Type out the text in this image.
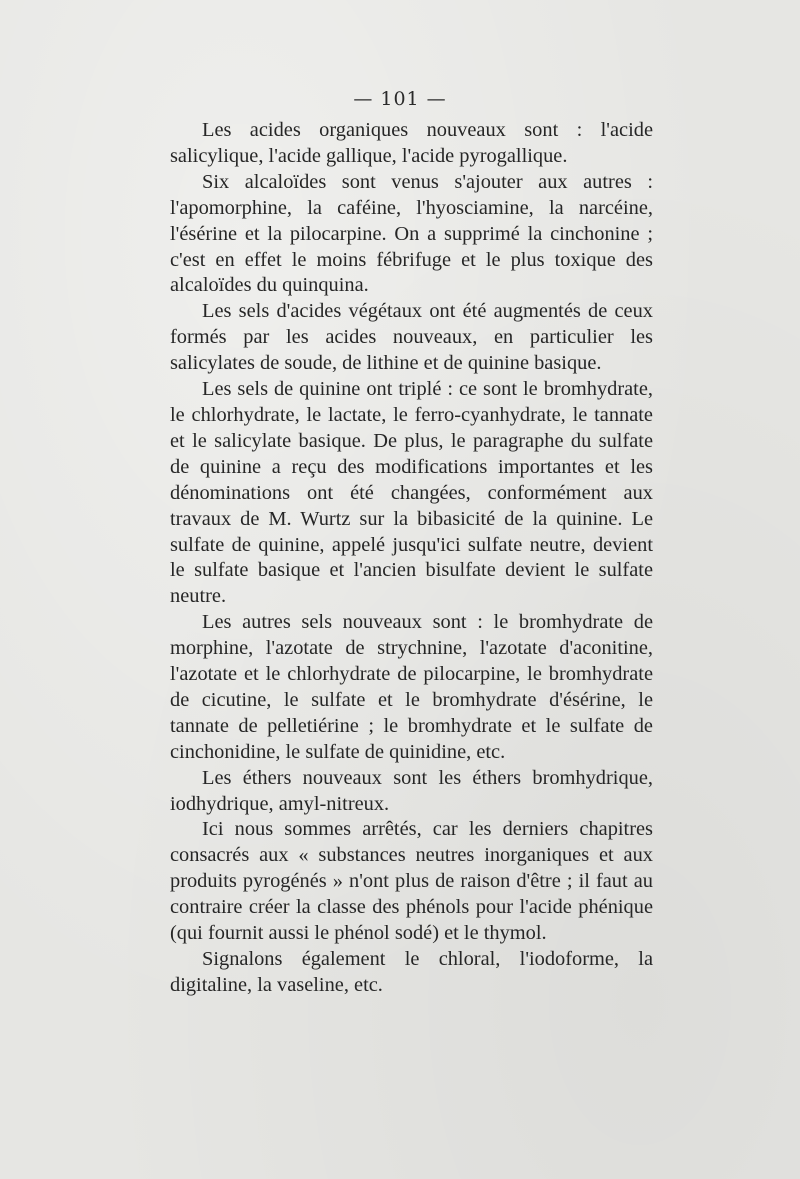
— 101 —

Les acides organiques nouveaux sont : l'acide salicylique, l'acide gallique, l'acide pyrogallique.

Six alcaloïdes sont venus s'ajouter aux autres : l'apomorphine, la caféine, l'hyosciamine, la narcéine, l'ésérine et la pilocarpine. On a supprimé la cinchonine ; c'est en effet le moins fébrifuge et le plus toxique des alcaloïdes du quinquina.

Les sels d'acides végétaux ont été augmentés de ceux formés par les acides nouveaux, en particulier les salicylates de soude, de lithine et de quinine basique.

Les sels de quinine ont triplé : ce sont le bromhydrate, le chlorhydrate, le lactate, le ferro-cyanhydrate, le tannate et le salicylate basique. De plus, le paragraphe du sulfate de quinine a reçu des modifications importantes et les dénominations ont été changées, conformément aux travaux de M. Wurtz sur la bibasicité de la quinine. Le sulfate de quinine, appelé jusqu'ici sulfate neutre, devient le sulfate basique et l'ancien bisulfate devient le sulfate neutre.

Les autres sels nouveaux sont : le bromhydrate de morphine, l'azotate de strychnine, l'azotate d'aconitine, l'azotate et le chlorhydrate de pilocarpine, le bromhydrate de cicutine, le sulfate et le bromhydrate d'ésérine, le tannate de pelletiérine ; le bromhydrate et le sulfate de cinchonidine, le sulfate de quinidine, etc.

Les éthers nouveaux sont les éthers bromhydrique, iodhydrique, amyl-nitreux.

Ici nous sommes arrêtés, car les derniers chapitres consacrés aux « substances neutres inorganiques et aux produits pyrogénés » n'ont plus de raison d'être ; il faut au contraire créer la classe des phénols pour l'acide phénique (qui fournit aussi le phénol sodé) et le thymol.

Signalons également le chloral, l'iodoforme, la digitaline, la vaseline, etc.
